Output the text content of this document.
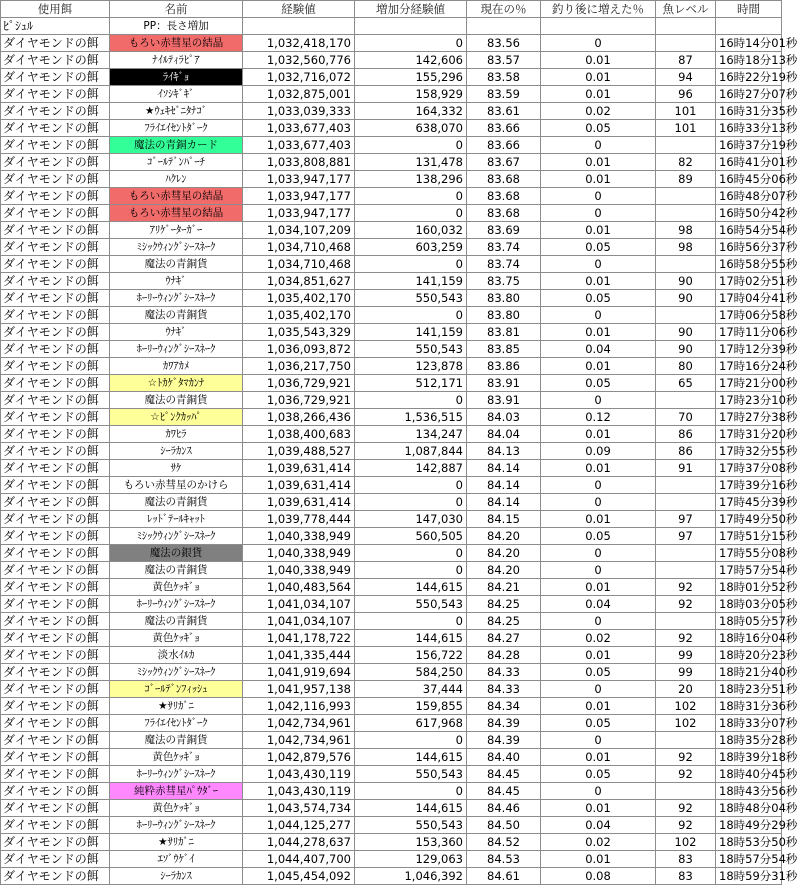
使用餌	名前	経験値	増加分経験値	現在の％	釣り後に増えた％	魚レベル	時間
ﾋﾟｼｭﾙ	PP：長さ増加						
ダイヤモンドの餌	もろい赤彗星の結晶	1,032,418,170	0	83.56	0		16時14分01秒
ダイヤモンドの餌	ﾅｲﾙﾃｨﾗﾋﾟｱ	1,032,560,776	142,606	83.57	0.01	87	16時18分13秒
ダイヤモンドの餌	ﾗｲｷﾞｮ	1,032,716,072	155,296	83.58	0.01	94	16時22分19秒
ダイヤモンドの餌	ｲｿｼｷﾞｷﾞ	1,032,875,001	158,929	83.59	0.01	96	16時27分07秒
ダイヤモンドの餌	★ｳｪｷｾﾞﾆﾀﾅｺﾞ	1,033,039,333	164,332	83.61	0.02	101	16時31分35秒
ダイヤモンドの餌	ﾌﾗｲｴｲｾﾝﾄﾀﾞｰｸ	1,033,677,403	638,070	83.66	0.05	101	16時33分13秒
ダイヤモンドの餌	魔法の青銅カード	1,033,677,403	0	83.66	0		16時37分19秒
ダイヤモンドの餌	ｺﾞｰﾙﾃﾞﾝﾊﾟｰﾁ	1,033,808,881	131,478	83.67	0.01	82	16時41分01秒
ダイヤモンドの餌	ﾊｸﾚﾝ	1,033,947,177	138,296	83.68	0.01	89	16時45分06秒
ダイヤモンドの餌	もろい赤彗星の結晶	1,033,947,177	0	83.68	0		16時48分07秒
ダイヤモンドの餌	もろい赤彗星の結晶	1,033,947,177	0	83.68	0		16時50分42秒
ダイヤモンドの餌	ｱﾘｹﾞｰﾀｰｶﾞｰ	1,034,107,209	160,032	83.69	0.01	98	16時54分54秒
ダイヤモンドの餌	ﾐｼｯｸｳｨﾝｸﾞｼｰｽﾈｰｸ	1,034,710,468	603,259	83.74	0.05	98	16時56分37秒
ダイヤモンドの餌	魔法の青銅貨	1,034,710,468	0	83.74	0		16時58分55秒
ダイヤモンドの餌	ｳﾅｷﾞ	1,034,851,627	141,159	83.75	0.01	90	17時02分51秒
ダイヤモンドの餌	ﾎｰﾘｰｳｨﾝｸﾞｼｰｽﾈｰｸ	1,035,402,170	550,543	83.80	0.05	90	17時04分41秒
ダイヤモンドの餌	魔法の青銅貨	1,035,402,170	0	83.80	0		17時06分58秒
ダイヤモンドの餌	ｳﾅｷﾞ	1,035,543,329	141,159	83.81	0.01	90	17時11分06秒
ダイヤモンドの餌	ﾎｰﾘｰｳｨﾝｸﾞｼｰｽﾈｰｸ	1,036,093,872	550,543	83.85	0.04	90	17時12分39秒
ダイヤモンドの餌	ｶﾜｱｶﾒ	1,036,217,750	123,878	83.86	0.01	80	17時16分24秒
ダイヤモンドの餌	☆ﾄｶｹﾞﾀﾏｶﾝﾅ	1,036,729,921	512,171	83.91	0.05	65	17時21分00秒
ダイヤモンドの餌	魔法の青銅貨	1,036,729,921	0	83.91	0		17時23分10秒
ダイヤモンドの餌	☆ﾋﾟﾝｸｶｯﾊﾟ	1,038,266,436	1,536,515	84.03	0.12	70	17時27分38秒
ダイヤモンドの餌	ｶﾜﾋﾗ	1,038,400,683	134,247	84.04	0.01	86	17時31分20秒
ダイヤモンドの餌	ｼｰﾗｶﾝｽ	1,039,488,527	1,087,844	84.13	0.09	86	17時32分55秒
ダイヤモンドの餌	ｻｹ	1,039,631,414	142,887	84.14	0.01	91	17時37分08秒
ダイヤモンドの餌	もろい赤彗星のかけら	1,039,631,414	0	84.14	0		17時39分16秒
ダイヤモンドの餌	魔法の青銅貨	1,039,631,414	0	84.14	0		17時45分39秒
ダイヤモンドの餌	ﾚｯﾄﾞﾃｰﾙｷｬｯﾄ	1,039,778,444	147,030	84.15	0.01	97	17時49分50秒
ダイヤモンドの餌	ﾐｼｯｸｳｨﾝｸﾞｼｰｽﾈｰｸ	1,040,338,949	560,505	84.20	0.05	97	17時51分15秒
ダイヤモンドの餌	魔法の銀貨	1,040,338,949	0	84.20	0		17時55分08秒
ダイヤモンドの餌	魔法の青銅貨	1,040,338,949	0	84.20	0		17時57分54秒
ダイヤモンドの餌	黄色ｹｯｷﾞｮ	1,040,483,564	144,615	84.21	0.01	92	18時01分52秒
ダイヤモンドの餌	ﾎｰﾘｰｳｨﾝｸﾞｼｰｽﾈｰｸ	1,041,034,107	550,543	84.25	0.04	92	18時03分05秒
ダイヤモンドの餌	魔法の青銅貨	1,041,034,107	0	84.25	0		18時05分57秒
ダイヤモンドの餌	黄色ｹｯｷﾞｮ	1,041,178,722	144,615	84.27	0.02	92	18時16分04秒
ダイヤモンドの餌	淡水ｲﾙｶ	1,041,335,444	156,722	84.28	0.01	99	18時20分23秒
ダイヤモンドの餌	ﾐｼｯｸｳｨﾝｸﾞｼｰｽﾈｰｸ	1,041,919,694	584,250	84.33	0.05	99	18時21分40秒
ダイヤモンドの餌	ｺﾞｰﾙﾃﾞﾝﾌｨｯｼｭ	1,041,957,138	37,444	84.33	0	20	18時23分51秒
ダイヤモンドの餌	★ｻﾘｶﾞﾆ	1,042,116,993	159,855	84.34	0.01	102	18時31分36秒
ダイヤモンドの餌	ﾌﾗｲｴｲｾﾝﾄﾀﾞｰｸ	1,042,734,961	617,968	84.39	0.05	102	18時33分07秒
ダイヤモンドの餌	魔法の青銅貨	1,042,734,961	0	84.39	0		18時35分28秒
ダイヤモンドの餌	黄色ｹｯｷﾞｮ	1,042,879,576	144,615	84.40	0.01	92	18時39分18秒
ダイヤモンドの餌	ﾎｰﾘｰｳｨﾝｸﾞｼｰｽﾈｰｸ	1,043,430,119	550,543	84.45	0.05	92	18時40分45秒
ダイヤモンドの餌	純粋赤彗星ﾊﾟｳﾀﾞｰ	1,043,430,119	0	84.45	0		18時43分56秒
ダイヤモンドの餌	黄色ｹｯｷﾞｮ	1,043,574,734	144,615	84.46	0.01	92	18時48分04秒
ダイヤモンドの餌	ﾎｰﾘｰｳｨﾝｸﾞｼｰｽﾈｰｸ	1,044,125,277	550,543	84.50	0.04	92	18時49分29秒
ダイヤモンドの餌	★ｻﾘｶﾞﾆ	1,044,278,637	153,360	84.52	0.02	102	18時53分50秒
ダイヤモンドの餌	ｴｿﾞｳｹﾞｲ	1,044,407,700	129,063	84.53	0.01	83	18時57分54秒
ダイヤモンドの餌	ｼｰﾗｶﾝｽ	1,045,454,092	1,046,392	84.61	0.08	83	18時59分31秒
